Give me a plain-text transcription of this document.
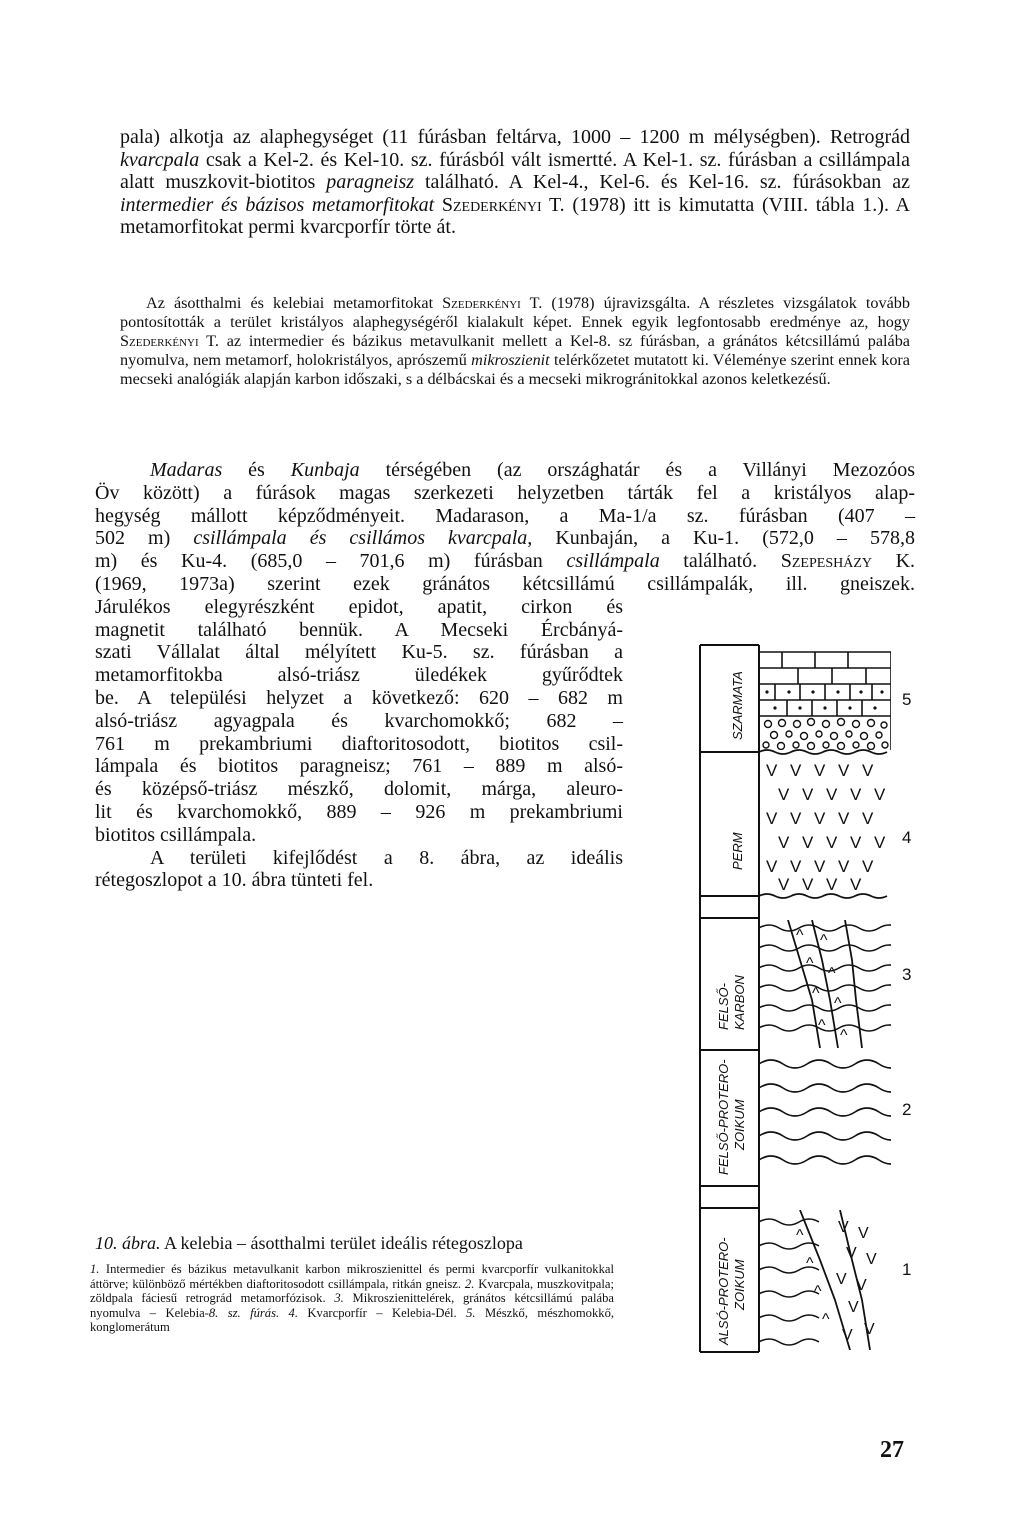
pala) alkotja az alaphegységet (11 fúrásban feltárva, 1000 – 1200 m mélységben). Retrográd kvarcpala csak a Kel-2. és Kel-10. sz. fúrásból vált ismertté. A Kel-1. sz. fúrásban a csillámpala alatt muszkovit-biotitos paragneisz található. A Kel-4., Kel-6. és Kel-16. sz. fúrásokban az intermedier és bázisos metamorfitokat Szederkényi T. (1978) itt is kimutatta (VIII. tábla 1.). A metamorfitokat permi kvarcporfír törte át.
Az ásotthalmi és kelebiai metamorfitokat Szederkényi T. (1978) újravizsgálta. A részletes vizsgálatok tovább pontosították a terület kristályos alaphegységéről kialakult képet. Ennek egyik legfontosabb eredménye az, hogy Szederkényi T. az intermedier és bázikus metavulkanit mellett a Kel-8. sz fúrásban, a gránátos kétcsillámú palába nyomulva, nem metamorf, holokristályos, aprószemű mikroszienit telérkőzetet mutatott ki. Véleménye szerint ennek kora mecseki analógiák alapján karbon időszaki, s a délbácskai és a mecseki mikrogránitokkal azonos keletkezésű.
Madaras és Kunbaja térségében (az országhatár és a Villányi Mezozóos
Öv között) a fúrások magas szerkezeti helyzetben tárták fel a kristályos alap-
hegység mállott képződményeit. Madarason, a Ma-1/a sz. fúrásban (407 –
502 m) csillámpala és csillámos kvarcpala, Kunbaján, a Ku-1. (572,0 – 578,8
m) és Ku-4. (685,0 – 701,6 m) fúrásban csillámpala található. Szepesházy K.
(1969, 1973a) szerint ezek gránátos kétcsillámú csillámpalák, ill. gneiszek.
Járulékos elegyrészként epidot, apatit, cirkon és
magnetit található bennük. A Mecseki Ércbányá-
szati Vállalat által mélyített Ku-5. sz. fúrásban a
metamorfitokba alsó-triász üledékek gyűrődtek
be. A települési helyzet a következő: 620 – 682 m
alsó-triász agyagpala és kvarchomokkő; 682 –
761 m prekambriumi diaftoritosodott, biotitos csil-
lámpala és biotitos paragneisz; 761 – 889 m alsó-
és középső-triász mészkő, dolomit, márga, aleuro-
lit és kvarchomokkő, 889 – 926 m prekambriumi
biotitos csillámpala.
A területi kifejlődést a 8. ábra, az ideális
rétegoszlopot a 10. ábra tünteti fel.
10. ábra. A kelebia – ásotthalmi terület ideális rétegoszlopa
1. Intermedier és bázikus metavulkanit karbon mikroszienittel és permi kvarcporfír vulkanitokkal áttörve; különböző mértékben diaftoritosodott csillámpala, ritkán gneisz. 2. Kvarcpala, muszkovitpala; zöldpala fáciesű retrográd metamorfózisok. 3. Mikroszienittelérek, gránátos kétcsillámú palába nyomulva – Kelebia-8. sz. fúrás. 4. Kvarcporfír – Kelebia-Dél. 5. Mészkő, mészhomokkő, konglomerátum
27
V V V V V
V V V V V
V V V V V
V V V V V
V V V V V
V V V V
^ ^
^
^
^
^
^
^
V V
V V
V V
V
V
V
^
^
^
^
SZARMATA
PERM
FELSŐ- KARBON
FELSŐ-PROTERO- ZOIKUM
ALSÓ-PROTERO- ZOIKUM
5
4
3
2
1
